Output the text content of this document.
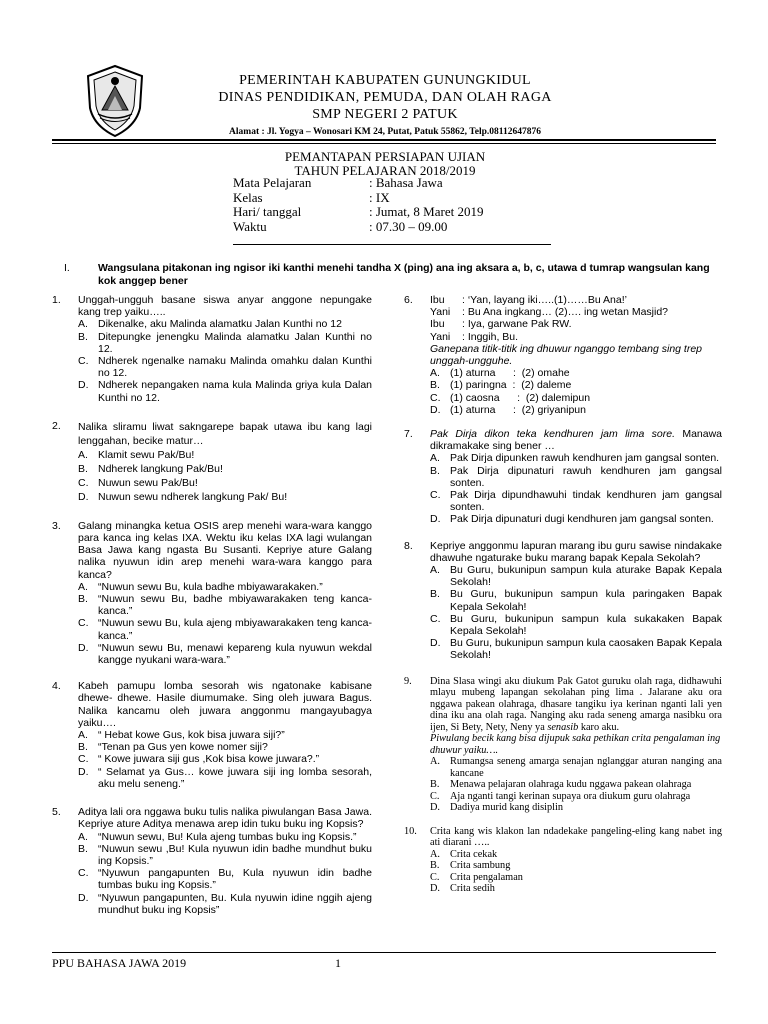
PEMERINTAH KABUPATEN GUNUNGKIDUL
DINAS PENDIDIKAN, PEMUDA, DAN OLAH RAGA
SMP NEGERI 2 PATUK
Alamat : Jl. Yogya – Wonosari KM 24, Putat, Patuk 55862, Telp.08112647876
PEMANTAPAN PERSIAPAN UJIAN
TAHUN PELAJARAN 2018/2019
Mata Pelajaran	: Bahasa Jawa
Kelas	: IX
Hari/ tanggal	: Jumat, 8 Maret 2019
Waktu	: 07.30 – 09.00
I.	Wangsulana pitakonan ing ngisor iki kanthi menehi tandha X (ping) ana ing aksara a, b, c, utawa d tumrap wangsulan kang kok anggep bener
1. Unggah-ungguh basane siswa anyar anggone nepungake kang trep yaiku…..
A. Dikenalke, aku Malinda alamatku Jalan Kunthi no 12
B. Ditepungke jenengku Malinda alamatku Jalan Kunthi no 12.
C. Ndherek ngenalke namaku Malinda omahku dalan Kunthi no 12.
D. Ndherek nepangaken nama kula Malinda griya kula Dalan Kunthi no 12.
2. Nalika sliramu liwat sakngarepe bapak utawa ibu kang lagi lenggahan, becike matur…
A. Klamit sewu Pak/Bu!
B. Ndherek langkung Pak/Bu!
C. Nuwun sewu Pak/Bu!
D. Nuwun sewu ndherek langkung Pak/ Bu!
3. Galang minangka ketua OSIS arep menehi wara-wara kanggo para kanca ing kelas IXA. Wektu iku kelas IXA lagi wulangan Basa Jawa kang ngasta Bu Susanti. Kepriye ature Galang nalika nyuwun idin arep menehi wara-wara kanggo para kanca?
A. “Nuwun sewu Bu, kula badhe mbiyawarakaken.”
B. “Nuwun sewu Bu, badhe mbiyawarakaken teng kanca-kanca.”
C. “Nuwun sewu Bu, kula ajeng mbiyawarakaken teng kanca-kanca.”
D. “Nuwun sewu Bu, menawi kepareng kula nyuwun wekdal kangge nyukani wara-wara.”
4. Kabeh pamupu lomba sesorah wis ngatonake kabisane dhewe- dhewe. Hasile diumumake. Sing oleh juwara Bagus. Nalika kancamu oleh juwara anggonmu mangayubagya yaiku….
A. “ Hebat kowe Gus, kok bisa juwara siji?”
B. “Tenan pa Gus yen kowe nomer siji?
C. “ Kowe juwara siji gus ,Kok bisa kowe juwara?.”
D. “ Selamat ya Gus… kowe juwara siji ing lomba sesorah, aku melu seneng.”
5. Aditya lali ora nggawa buku tulis nalika piwulangan Basa Jawa. Kepriye ature Aditya menawa arep idin tuku buku ing Kopsis?
A. “Nuwun sewu, Bu! Kula ajeng tumbas buku ing Kopsis.”
B. “Nuwun sewu ,Bu! Kula nyuwun idin badhe mundhut buku ing Kopsis.”
C. “Nyuwun pangapunten Bu, Kula nyuwun idin badhe tumbas buku ing Kopsis.”
D. “Nyuwun pangapunten, Bu. Kula nyuwin idine nggih ajeng mundhut buku ing Kopsis”
6. Ibu	: ‘Yan, layang iki…..(1)……Bu Ana!’
Yani	: Bu Ana ingkang… (2)…. ing wetan Masjid?
Ibu	: Iya, garwane Pak RW.
Yani	: Inggih, Bu.
Ganepana titik-titik ing dhuwur nganggo tembang sing trep unggah-ungguhe.
A. (1) aturna      :  (2) omahe
B. (1) paringna  :  (2) daleme
C. (1) caosna      :  (2) dalemipun
D. (1) aturna      :  (2) griyanipun
7. Pak Dirja dikon teka kendhuren jam lima sore. Manawa dikramakake sing bener …
A. Pak Dirja dipunken rawuh kendhuren jam gangsal sonten.
B. Pak Dirja dipunaturi rawuh kendhuren jam gangsal sonten.
C. Pak Dirja dipundhawuhi tindak kendhuren jam gangsal sonten.
D. Pak Dirja dipunaturi dugi kendhuren jam gangsal sonten.
8. Kepriye anggonmu lapuran marang ibu guru sawise nindakake dhawuhe ngaturake buku marang bapak Kepala Sekolah?
A. Bu Guru, bukunipun sampun kula aturake Bapak Kepala Sekolah!
B. Bu Guru, bukunipun sampun kula paringaken Bapak Kepala Sekolah!
C. Bu Guru, bukunipun sampun kula sukakaken Bapak Kepala Sekolah!
D. Bu Guru, bukunipun sampun kula caosaken Bapak Kepala Sekolah!
9. Dina Slasa wingi aku diukum Pak Gatot guruku olah raga, didhawuhi mlayu mubeng lapangan sekolahan ping lima . Jalarane aku ora nggawa pakean olahraga, dhasare tangiku iya kerinan nganti lali yen dina iku ana olah raga. Nanging aku rada seneng amarga nasibku ora ijen, Si Bety, Nety, Neny ya senasib karo aku.
Piwulang becik kang bisa dijupuk saka pethikan crita pengalaman ing dhuwur yaiku….
A. Rumangsa seneng amarga senajan nglanggar aturan nanging ana kancane
B. Menawa pelajaran olahraga kudu nggawa pakean olahraga
C. Aja nganti tangi kerinan supaya ora diukum guru olahraga
D. Dadiya murid kang disiplin
10. Crita kang wis klakon lan ndadekake pangeling-eling kang nabet ing ati diarani …..
A. Crita cekak
B. Crita sambung
C. Crita pengalaman
D. Crita sedih
PPU BAHASA JAWA 2019	1
